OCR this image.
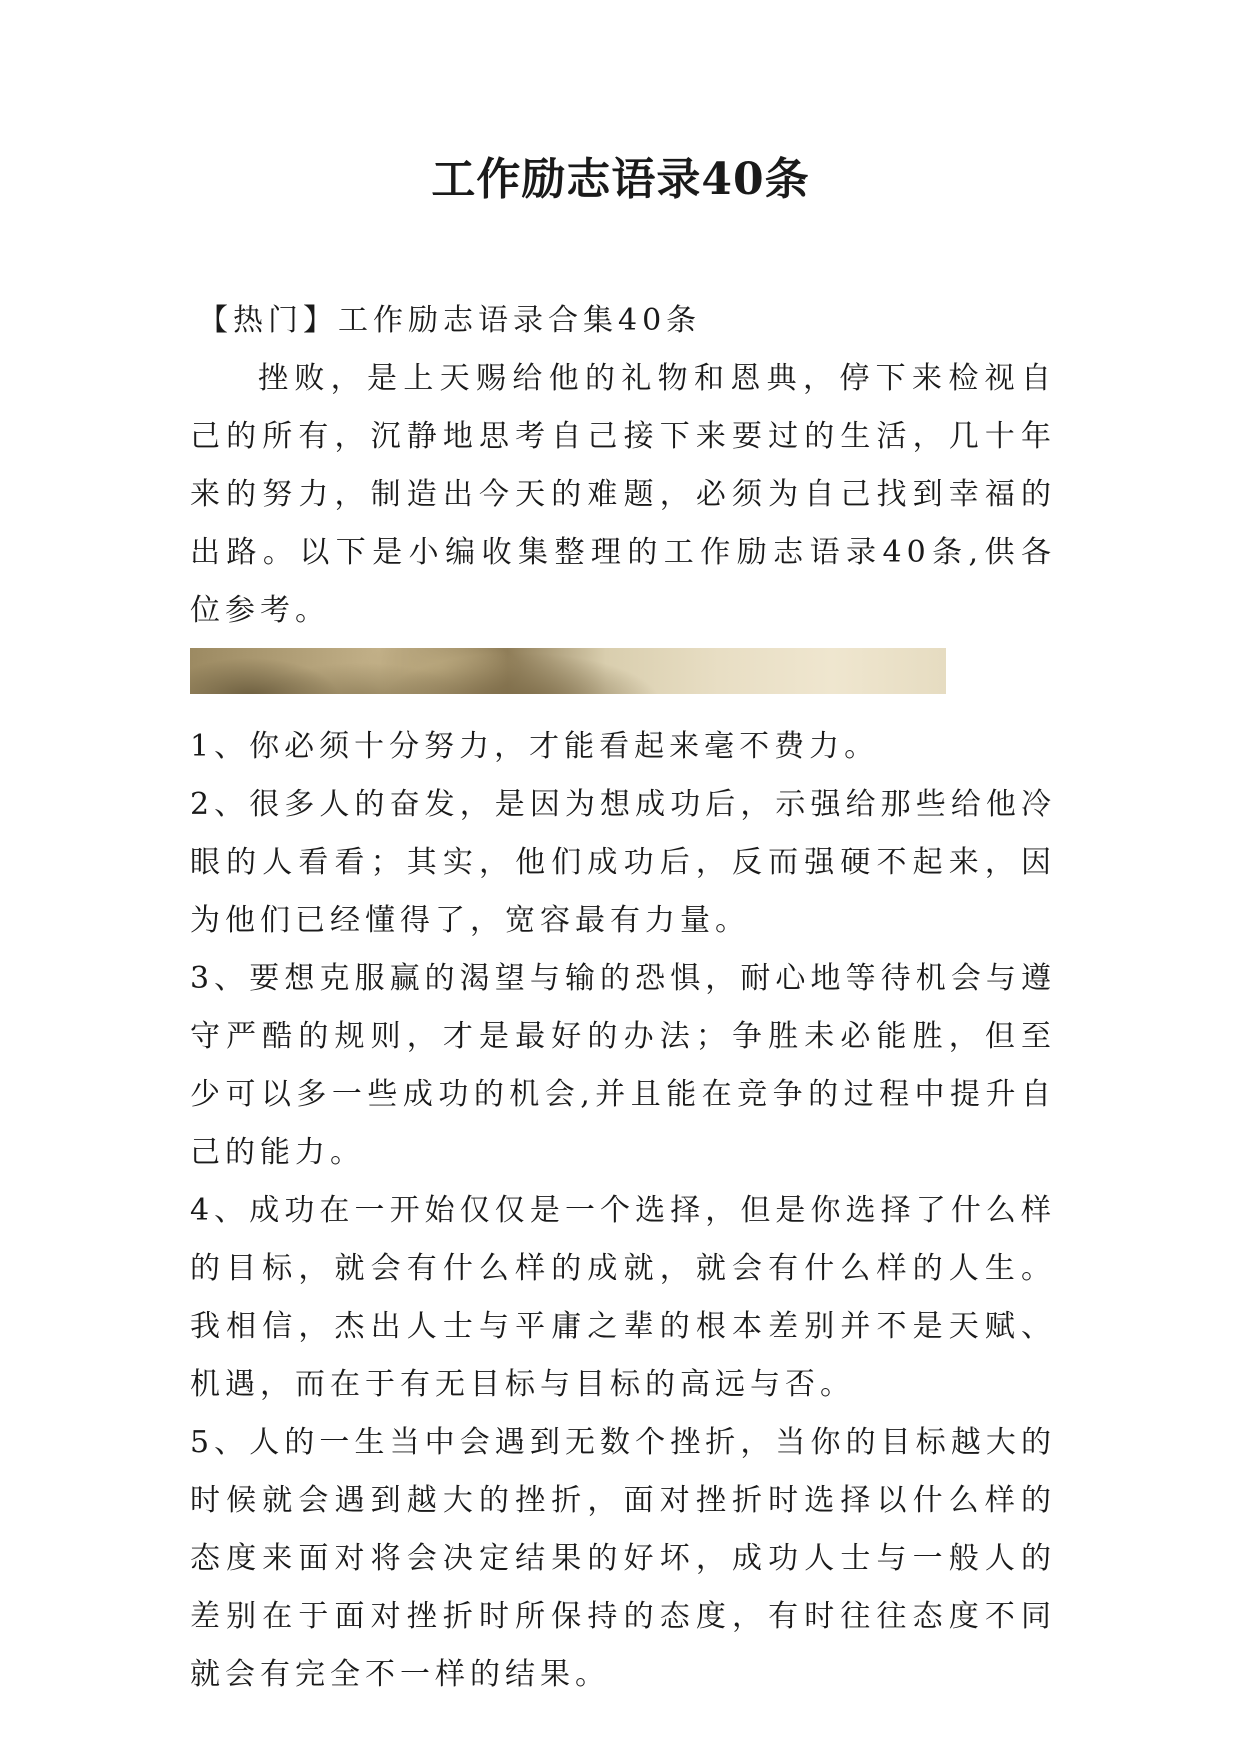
工作励志语录40条

【热门】工作励志语录合集40条

挫败，是上天赐给他的礼物和恩典，停下来检视自己的所有，沉静地思考自己接下来要过的生活，几十年来的努力，制造出今天的难题，必须为自己找到幸福的出路。以下是小编收集整理的工作励志语录40条,供各位参考。

1、你必须十分努力，才能看起来毫不费力。

2、很多人的奋发，是因为想成功后，示强给那些给他冷眼的人看看；其实，他们成功后，反而强硬不起来，因为他们已经懂得了，宽容最有力量。

3、要想克服赢的渴望与输的恐惧，耐心地等待机会与遵守严酷的规则，才是最好的办法；争胜未必能胜，但至少可以多一些成功的机会,并且能在竞争的过程中提升自己的能力。

4、成功在一开始仅仅是一个选择，但是你选择了什么样的目标，就会有什么样的成就，就会有什么样的人生。我相信，杰出人士与平庸之辈的根本差别并不是天赋、机遇，而在于有无目标与目标的高远与否。

5、人的一生当中会遇到无数个挫折，当你的目标越大的时候就会遇到越大的挫折，面对挫折时选择以什么样的态度来面对将会决定结果的好坏，成功人士与一般人的差别在于面对挫折时所保持的态度，有时往往态度不同就会有完全不一样的结果。
